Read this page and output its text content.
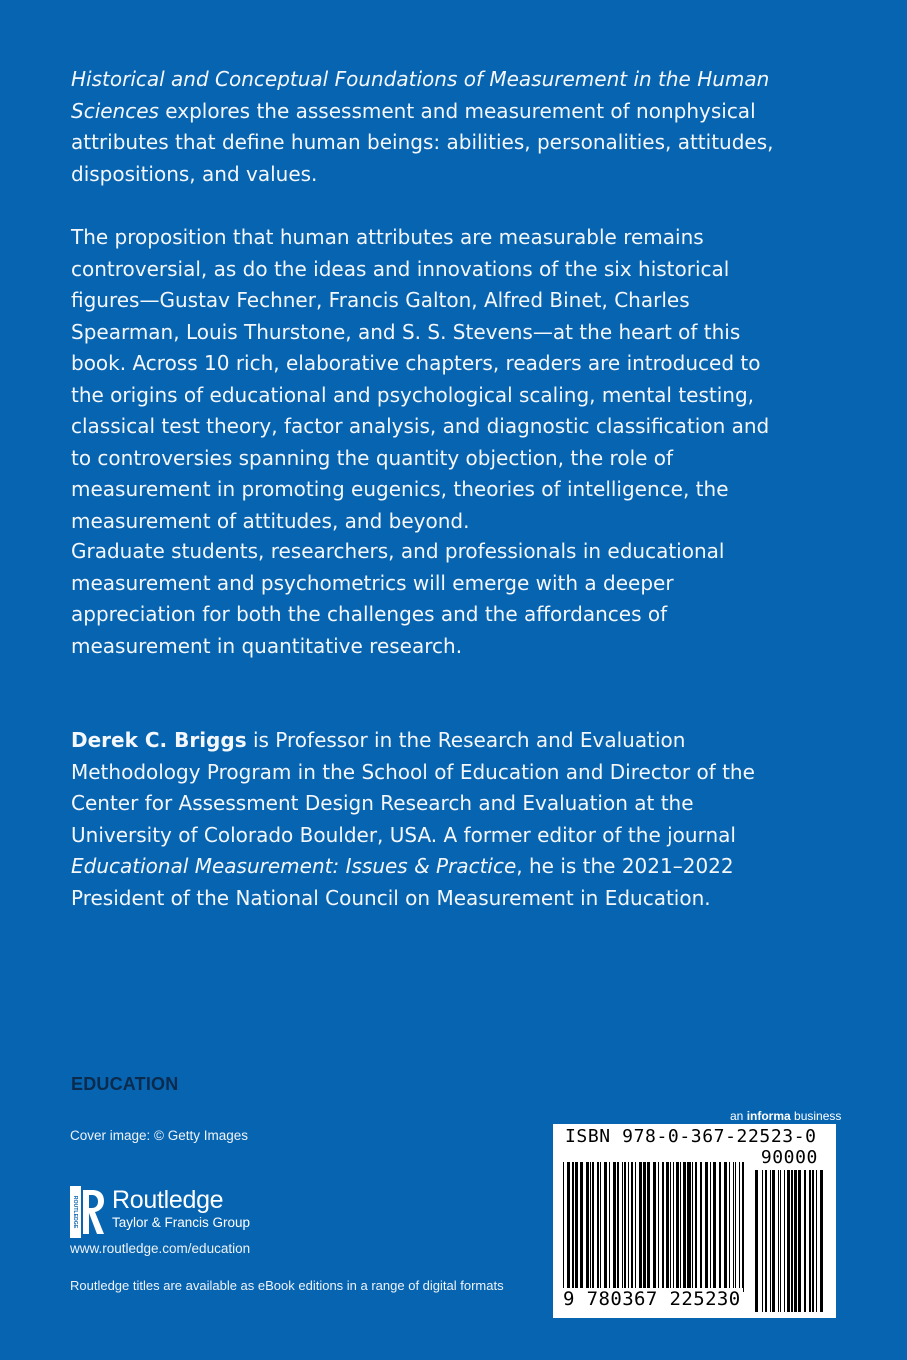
Historical and Conceptual Foundations of Measurement in the Human Sciences explores the assessment and measurement of nonphysical attributes that define human beings: abilities, personalities, attitudes, dispositions, and values.

The proposition that human attributes are measurable remains controversial, as do the ideas and innovations of the six historical figures—Gustav Fechner, Francis Galton, Alfred Binet, Charles Spearman, Louis Thurstone, and S. S. Stevens—at the heart of this book. Across 10 rich, elaborative chapters, readers are introduced to the origins of educational and psychological scaling, mental testing, classical test theory, factor analysis, and diagnostic classification and to controversies spanning the quantity objection, the role of measurement in promoting eugenics, theories of intelligence, the measurement of attitudes, and beyond.

Graduate students, researchers, and professionals in educational measurement and psychometrics will emerge with a deeper appreciation for both the challenges and the affordances of measurement in quantitative research.

Derek C. Briggs is Professor in the Research and Evaluation Methodology Program in the School of Education and Director of the Center for Assessment Design Research and Evaluation at the University of Colorado Boulder, USA. A former editor of the journal Educational Measurement: Issues & Practice, he is the 2021–2022 President of the National Council on Measurement in Education.

EDUCATION
Cover image: © Getty Images
ROUTLEDGE Routledge
Taylor & Francis Group
www.routledge.com/education
Routledge titles are available as eBook editions in a range of digital formats
an informa business
ISBN 978-0-367-22523-0
90000
9 780367 225230
